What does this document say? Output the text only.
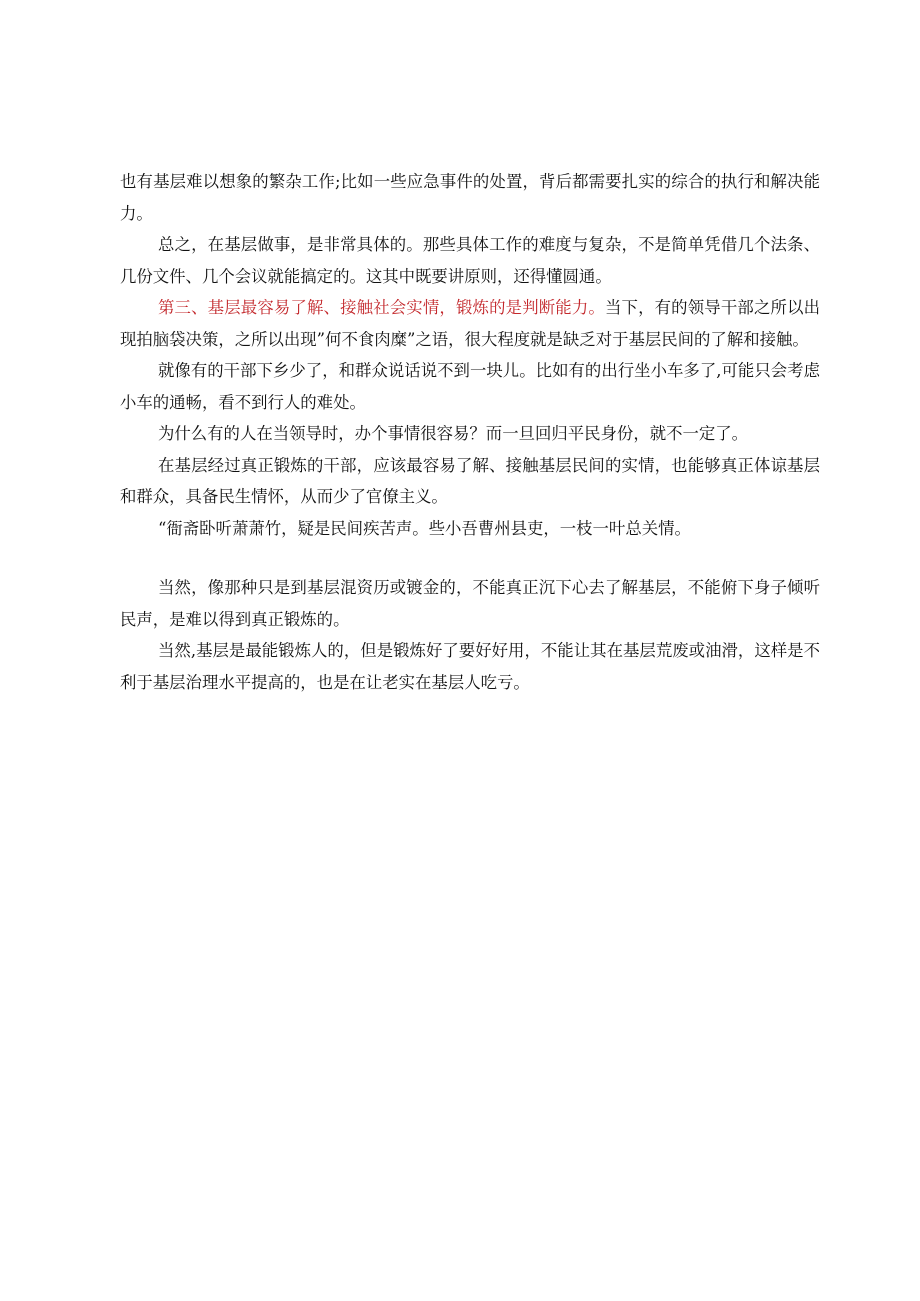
也有基层难以想象的繁杂工作;比如一些应急事件的处置，背后都需要扎实的综合的执行和解决能力。

总之，在基层做事，是非常具体的。那些具体工作的难度与复杂，不是简单凭借几个法条、几份文件、几个会议就能搞定的。这其中既要讲原则，还得懂圆通。

第三、基层最容易了解、接触社会实情，锻炼的是判断能力。当下，有的领导干部之所以出现拍脑袋决策，之所以出现”何不食肉糜”之语，很大程度就是缺乏对于基层民间的了解和接触。

就像有的干部下乡少了，和群众说话说不到一块儿。比如有的出行坐小车多了,可能只会考虑小车的通畅，看不到行人的难处。

为什么有的人在当领导时，办个事情很容易？而一旦回归平民身份，就不一定了。

在基层经过真正锻炼的干部，应该最容易了解、接触基层民间的实情，也能够真正体谅基层和群众，具备民生情怀，从而少了官僚主义。

“衙斋卧听萧萧竹，疑是民间疾苦声。些小吾曹州县吏，一枝一叶总关情。

当然，像那种只是到基层混资历或镀金的，不能真正沉下心去了解基层，不能俯下身子倾听民声，是难以得到真正锻炼的。

当然,基层是最能锻炼人的，但是锻炼好了要好好用，不能让其在基层荒废或油滑，这样是不利于基层治理水平提高的，也是在让老实在基层人吃亏。
